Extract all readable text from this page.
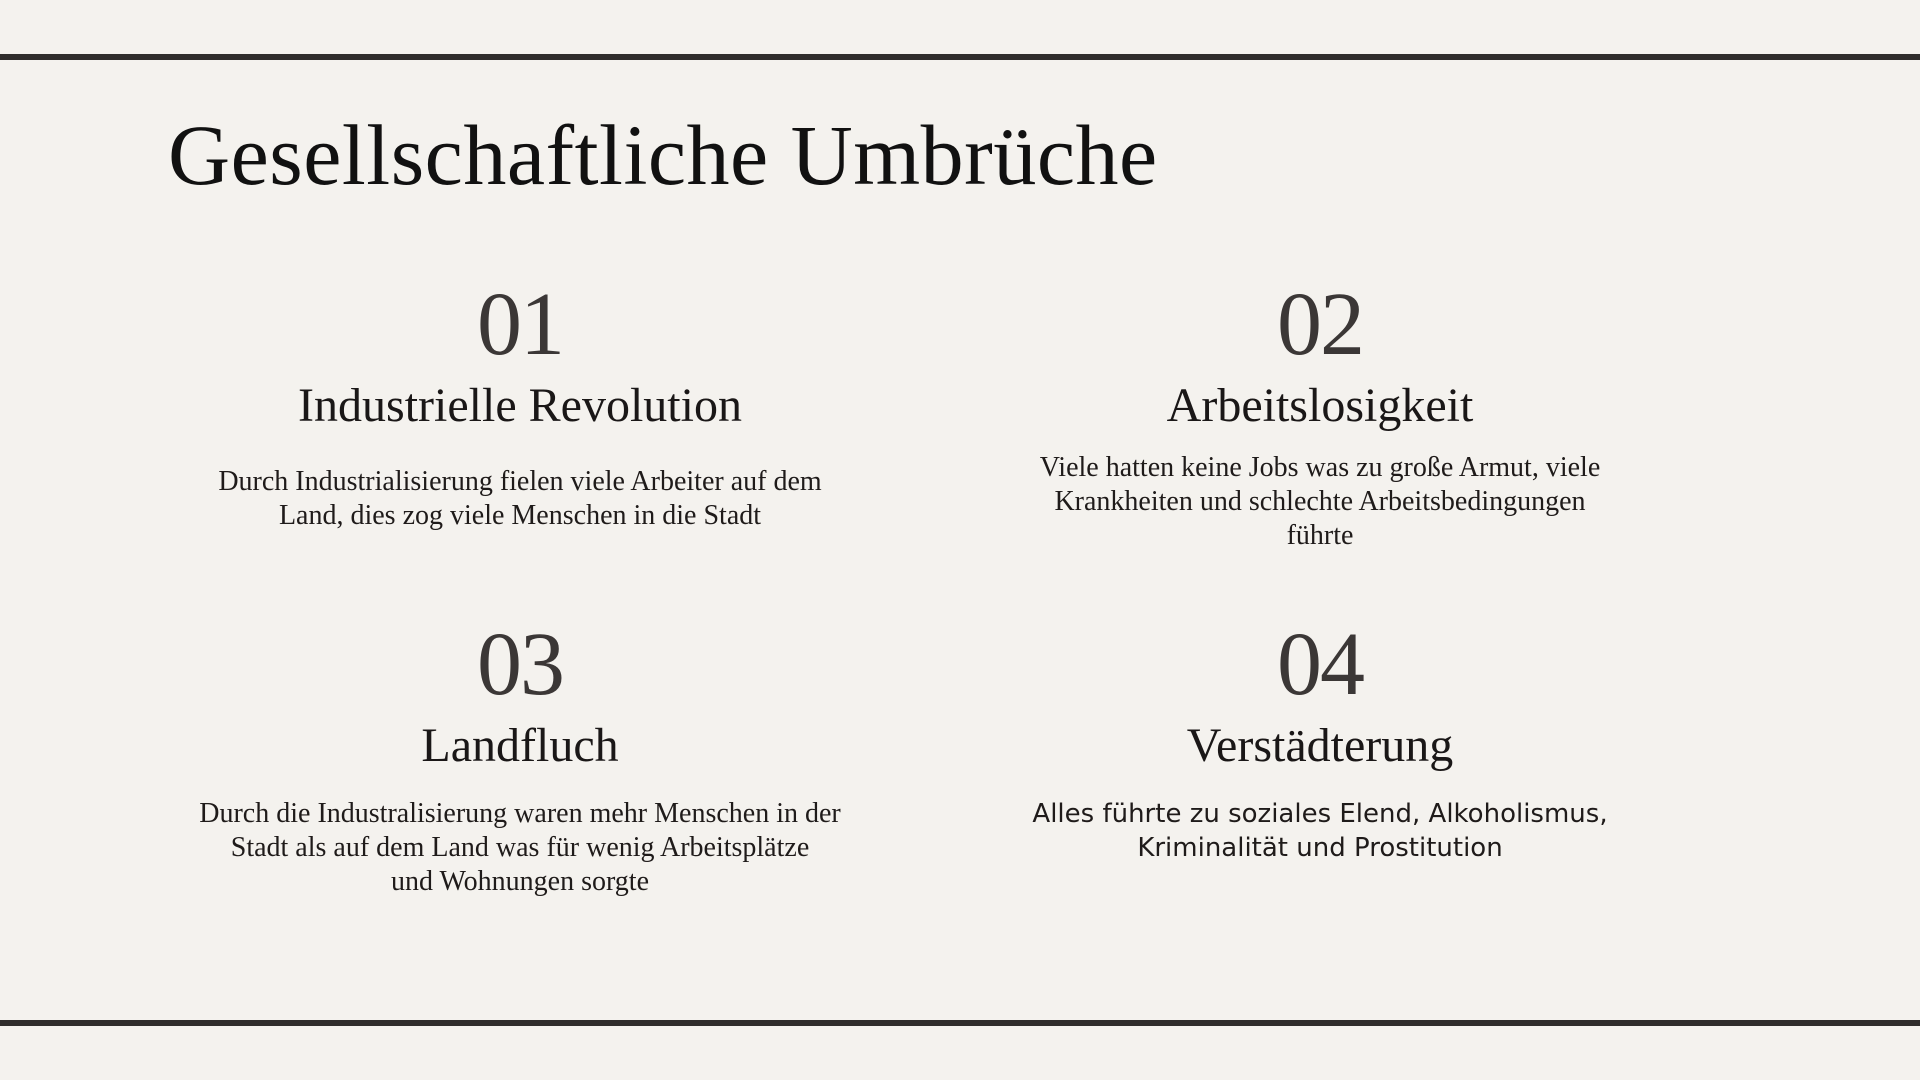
Gesellschaftliche Umbrüche
01
Industrielle Revolution
Durch Industrialisierung fielen viele Arbeiter auf dem
Land, dies zog viele Menschen in die Stadt
02
Arbeitslosigkeit
Viele hatten keine Jobs was zu große Armut, viele
Krankheiten und schlechte Arbeitsbedingungen
führte
03
Landfluch
Durch die Industralisierung waren mehr Menschen in der
Stadt als auf dem Land was für wenig Arbeitsplätze
und Wohnungen sorgte
04
Verstädterung
Alles führte zu soziales Elend, Alkoholismus,
Kriminalität und Prostitution
